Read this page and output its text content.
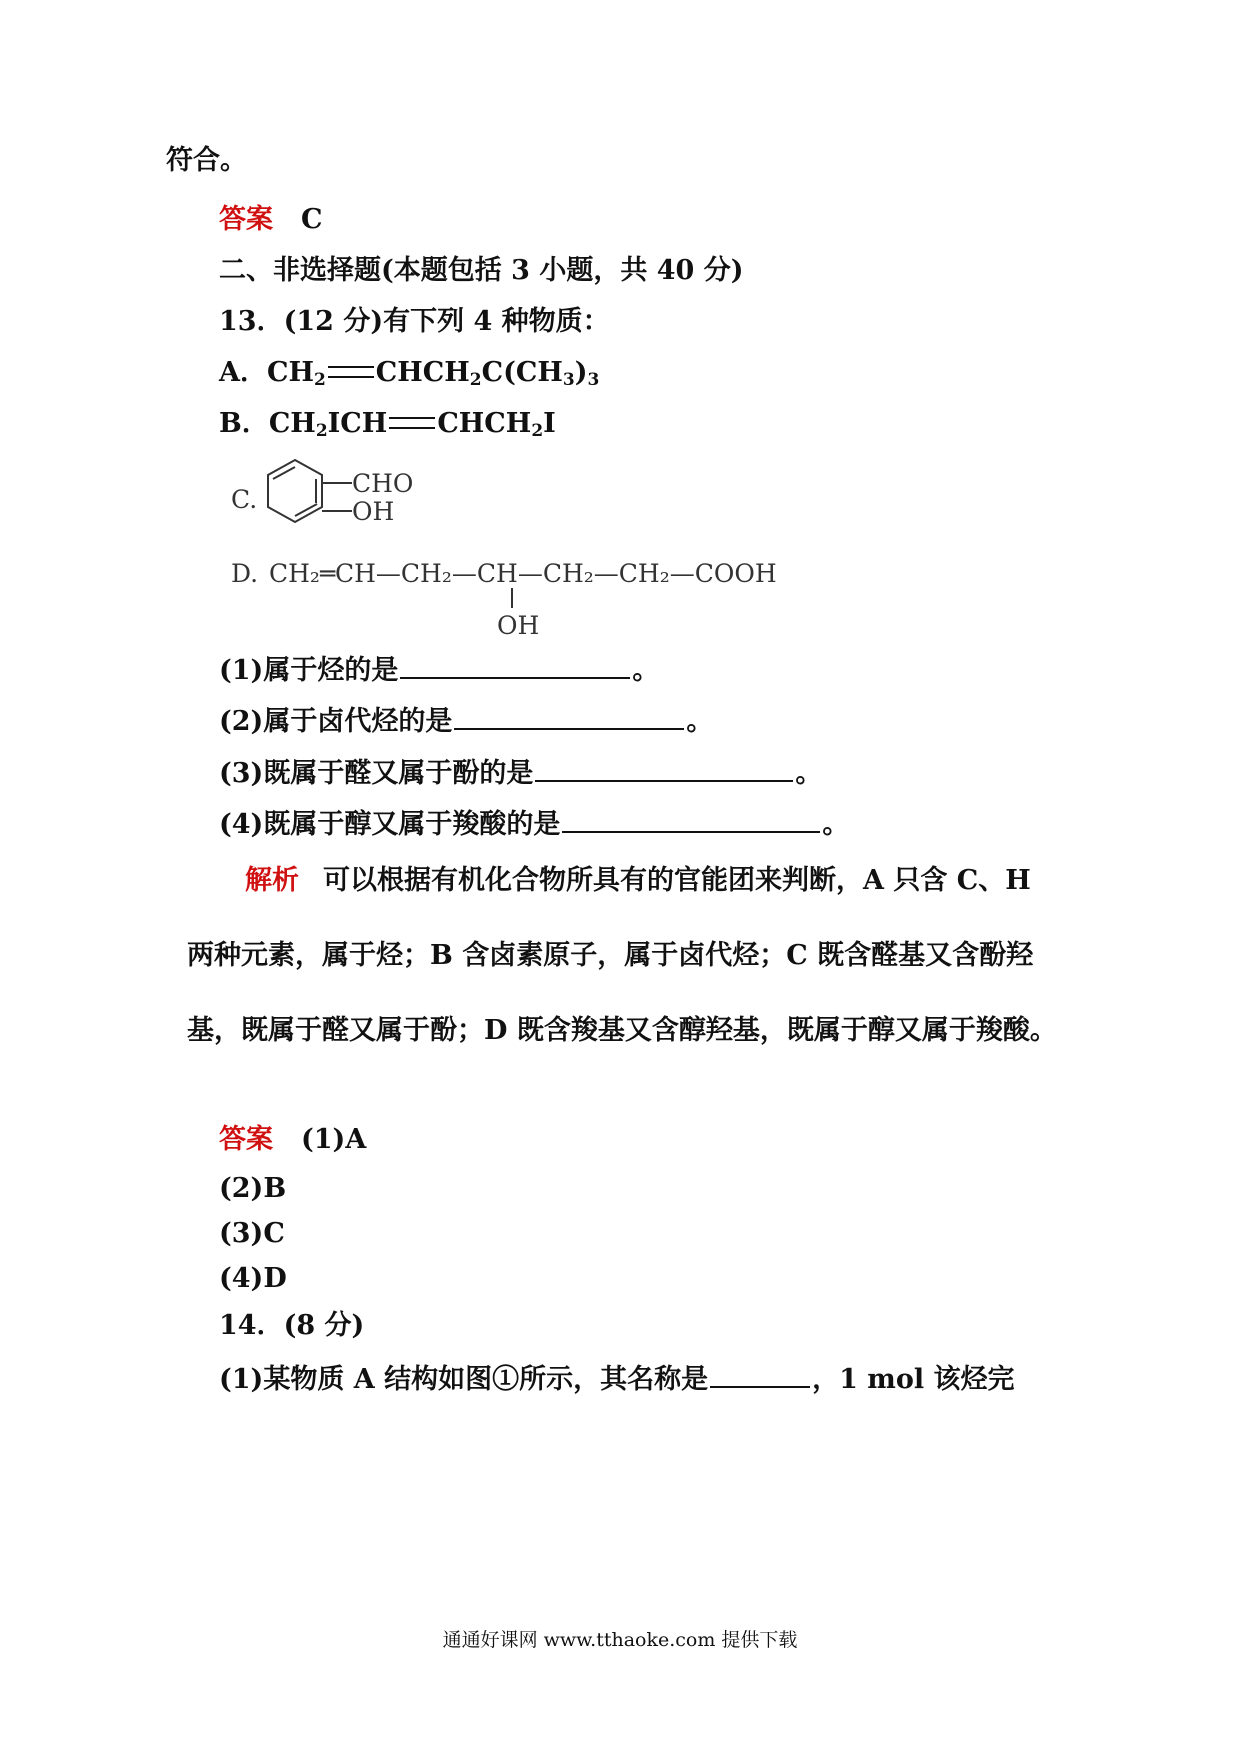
符合。
答案 C
二、非选择题(本题包括 3 小题，共 40 分)
13．(12 分)有下列 4 种物质：
A．$CH_2$ $CHCH_2C(CH_3)_3$
B．$CH_2ICH$ $CHCH_2I$
C.
CHO
OH
D. CH₂═CH—CH₂—CH—CH₂—CH₂—COOH
OH
(1)属于烃的是	。
(2)属于卤代烃的是	。
(3)既属于醛又属于酚的是	。
(4)既属于醇又属于羧酸的是	。
解析 可以根据有机化合物所具有的官能团来判断，A 只含 C、H 两种元素，属于烃；B 含卤素原子，属于卤代烃；C 既含醛基又含酚羟基，既属于醛又属于酚；D 既含羧基又含醇羟基，既属于醇又属于羧酸。
答案 (1)A
(2)B
(3)C
(4)D
14．(8 分)
(1)某物质 A 结构如图①所示，其名称是	，1 mol 该烃完
通通好课网 www.tthaoke.com 提供下载
